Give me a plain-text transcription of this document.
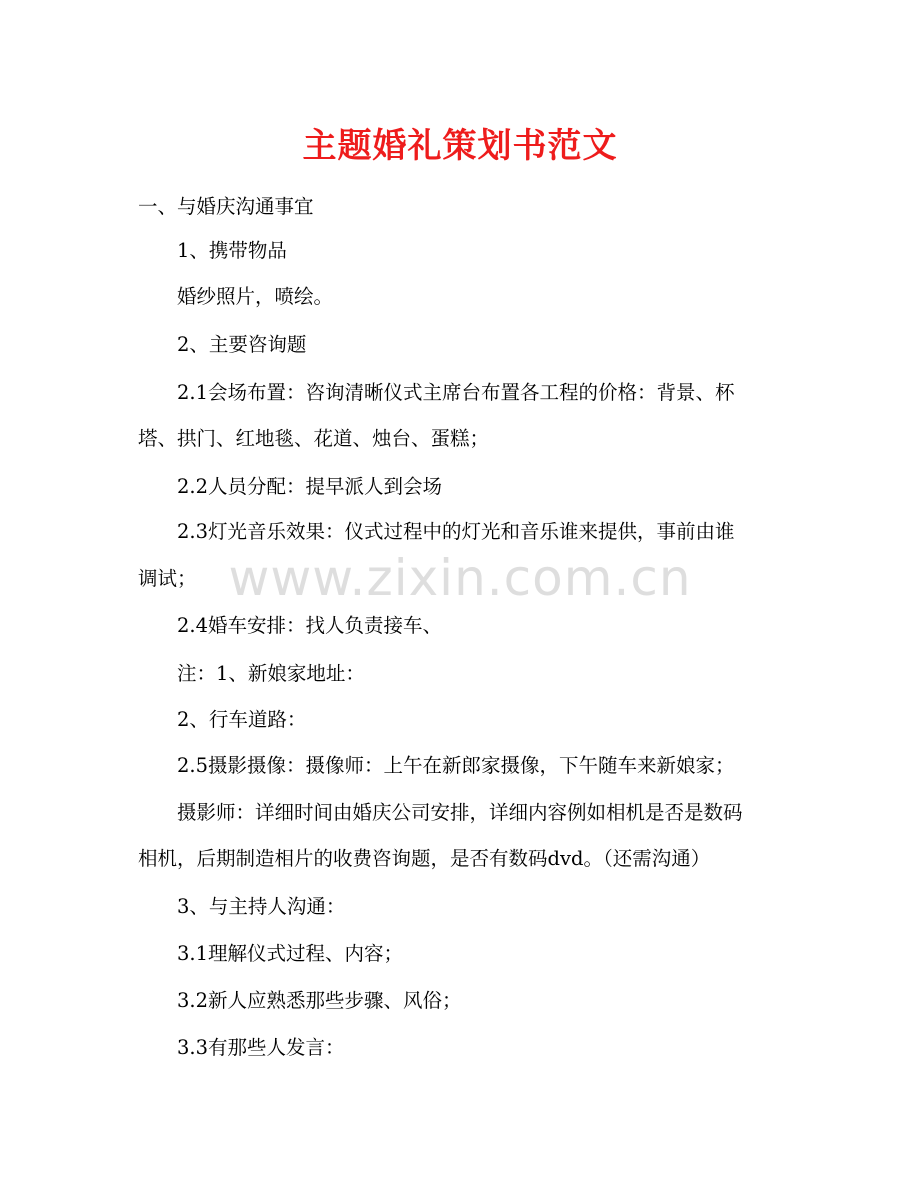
主题婚礼策划书范文
www.zixin.com.cn
一、与婚庆沟通事宜
1、携带物品
婚纱照片，喷绘。
2、主要咨询题
2.1会场布置：咨询清晰仪式主席台布置各工程的价格：背景、杯
塔、拱门、红地毯、花道、烛台、蛋糕；
2.2人员分配：提早派人到会场
2.3灯光音乐效果：仪式过程中的灯光和音乐谁来提供，事前由谁
调试；
2.4婚车安排：找人负责接车、
注：1、新娘家地址：
2、行车道路：
2.5摄影摄像：摄像师：上午在新郎家摄像，下午随车来新娘家；
摄影师：详细时间由婚庆公司安排，详细内容例如相机是否是数码
相机，后期制造相片的收费咨询题，是否有数码dvd。（还需沟通）
3、与主持人沟通：
3.1理解仪式过程、内容；
3.2新人应熟悉那些步骤、风俗；
3.3有那些人发言：
